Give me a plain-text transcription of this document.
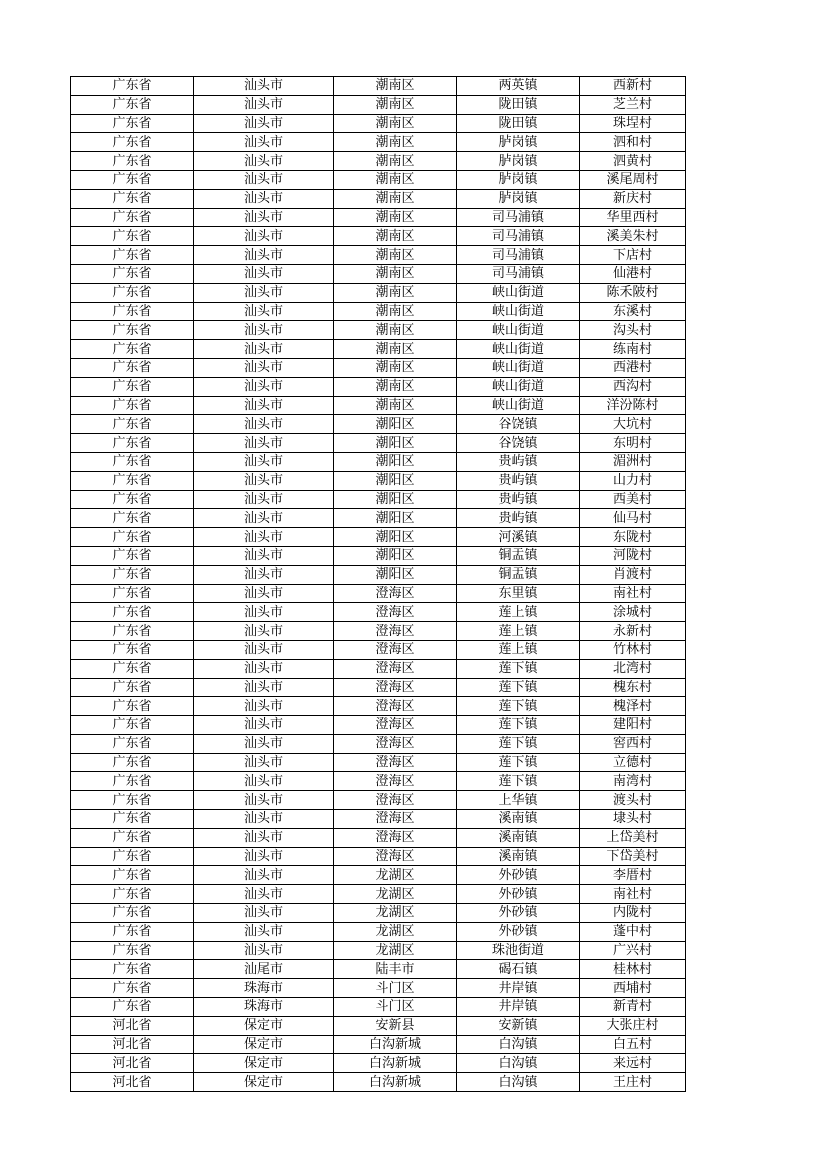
广东省	汕头市	潮南区	两英镇	西新村
广东省	汕头市	潮南区	陇田镇	芝兰村
广东省	汕头市	潮南区	陇田镇	珠埕村
广东省	汕头市	潮南区	胪岗镇	泗和村
广东省	汕头市	潮南区	胪岗镇	泗黄村
广东省	汕头市	潮南区	胪岗镇	溪尾周村
广东省	汕头市	潮南区	胪岗镇	新庆村
广东省	汕头市	潮南区	司马浦镇	华里西村
广东省	汕头市	潮南区	司马浦镇	溪美朱村
广东省	汕头市	潮南区	司马浦镇	下店村
广东省	汕头市	潮南区	司马浦镇	仙港村
广东省	汕头市	潮南区	峡山街道	陈禾陂村
广东省	汕头市	潮南区	峡山街道	东溪村
广东省	汕头市	潮南区	峡山街道	沟头村
广东省	汕头市	潮南区	峡山街道	练南村
广东省	汕头市	潮南区	峡山街道	西港村
广东省	汕头市	潮南区	峡山街道	西沟村
广东省	汕头市	潮南区	峡山街道	洋汾陈村
广东省	汕头市	潮阳区	谷饶镇	大坑村
广东省	汕头市	潮阳区	谷饶镇	东明村
广东省	汕头市	潮阳区	贵屿镇	湄洲村
广东省	汕头市	潮阳区	贵屿镇	山力村
广东省	汕头市	潮阳区	贵屿镇	西美村
广东省	汕头市	潮阳区	贵屿镇	仙马村
广东省	汕头市	潮阳区	河溪镇	东陇村
广东省	汕头市	潮阳区	铜盂镇	河陇村
广东省	汕头市	潮阳区	铜盂镇	肖渡村
广东省	汕头市	澄海区	东里镇	南社村
广东省	汕头市	澄海区	莲上镇	涂城村
广东省	汕头市	澄海区	莲上镇	永新村
广东省	汕头市	澄海区	莲上镇	竹林村
广东省	汕头市	澄海区	莲下镇	北湾村
广东省	汕头市	澄海区	莲下镇	槐东村
广东省	汕头市	澄海区	莲下镇	槐泽村
广东省	汕头市	澄海区	莲下镇	建阳村
广东省	汕头市	澄海区	莲下镇	窖西村
广东省	汕头市	澄海区	莲下镇	立德村
广东省	汕头市	澄海区	莲下镇	南湾村
广东省	汕头市	澄海区	上华镇	渡头村
广东省	汕头市	澄海区	溪南镇	埭头村
广东省	汕头市	澄海区	溪南镇	上岱美村
广东省	汕头市	澄海区	溪南镇	下岱美村
广东省	汕头市	龙湖区	外砂镇	李厝村
广东省	汕头市	龙湖区	外砂镇	南社村
广东省	汕头市	龙湖区	外砂镇	内陇村
广东省	汕头市	龙湖区	外砂镇	蓬中村
广东省	汕头市	龙湖区	珠池街道	广兴村
广东省	汕尾市	陆丰市	碣石镇	桂林村
广东省	珠海市	斗门区	井岸镇	西埔村
广东省	珠海市	斗门区	井岸镇	新青村
河北省	保定市	安新县	安新镇	大张庄村
河北省	保定市	白沟新城	白沟镇	白五村
河北省	保定市	白沟新城	白沟镇	来远村
河北省	保定市	白沟新城	白沟镇	王庄村
